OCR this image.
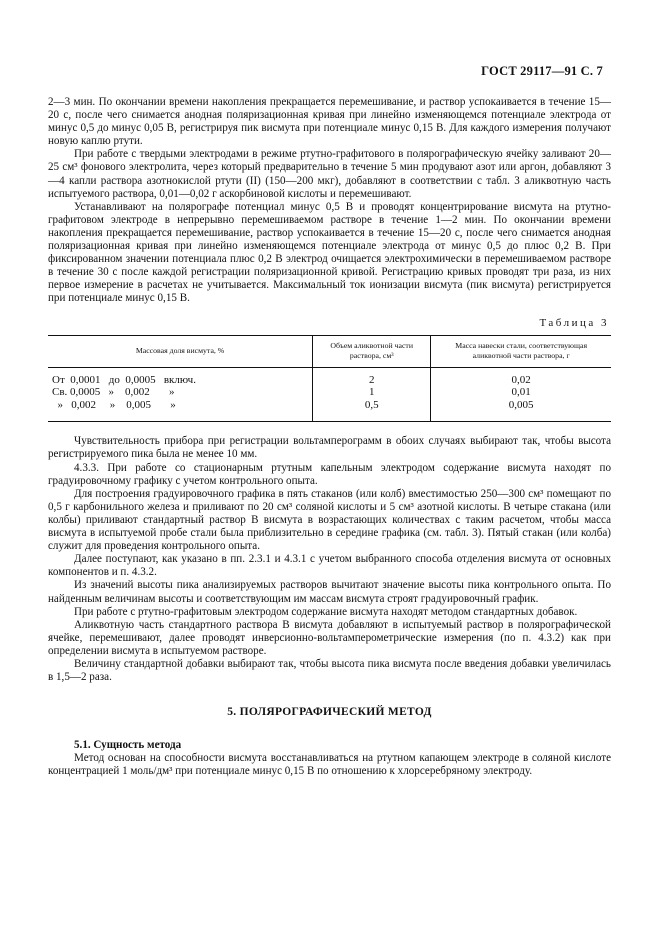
ГОСТ 29117—91 С. 7

2—3 мин. По окончании времени накопления прекращается перемешивание, и раствор успокаивается в течение 15—20 с, после чего снимается анодная поляризационная кривая при линейно изменяющемся потенциале электрода от минус 0,5 до минус 0,05 В, регистрируя пик висмута при потенциале минус 0,15 В. Для каждого измерения получают новую каплю ртути.

При работе с твердыми электродами в режиме ртутно-графитового в полярографическую ячейку заливают 20—25 см³ фонового электролита, через который предварительно в течение 5 мин продувают азот или аргон, добавляют 3—4 капли раствора азотнокислой ртути (II) (150—200 мкг), добавляют в соответствии с табл. 3 аликвотную часть испытуемого раствора, 0,01—0,02 г аскорбиновой кислоты и перемешивают.

Устанавливают на полярографе потенциал минус 0,5 В и проводят концентрирование висмута на ртутно-графитовом электроде в непрерывно перемешиваемом растворе в течение 1—2 мин. По окончании времени накопления прекращается перемешивание, раствор успокаивается в течение 15—20 с, после чего снимается анодная поляризационная кривая при линейно изменяющемся потенциале электрода от минус 0,5 до плюс 0,2 В. При фиксированном значении потенциала плюс 0,2 В электрод очищается электрохимически в перемешиваемом растворе в течение 30 с после каждой регистрации поляризационной кривой. Регистрацию кривых проводят три раза, из них первое измерение в расчетах не учитывается. Максимальный ток ионизации висмута (пик висмута) регистрируется при потенциале минус 0,15 В.

Таблица 3
Массовая доля висмута, %	Объем аликвотной части раствора, см³	Масса навески стали, соответствующая аликвотной части раствора, г
От  0,0001   до  0,0005   включ.	2	0,02
Св. 0,0005   »    0,002       »	1	0,01
»   0,002     »    0,005       »	0,5	0,005

Чувствительность прибора при регистрации вольтамперограмм в обоих случаях выбирают так, чтобы высота регистрируемого пика была не менее 10 мм.

4.3.3. При работе со стационарным ртутным капельным электродом содержание висмута находят по градуировочному графику с учетом контрольного опыта.

Для построения градуировочного графика в пять стаканов (или колб) вместимостью 250—300 см³ помещают по 0,5 г карбонильного железа и приливают по 20 см³ соляной кислоты и 5 см³ азотной кислоты. В четыре стакана (или колбы) приливают стандартный раствор В висмута в возрастающих количествах с таким расчетом, чтобы масса висмута в испытуемой пробе стали была приблизительно в середине графика (см. табл. 3). Пятый стакан (или колба) служит для проведения контрольного опыта.

Далее поступают, как указано в пп. 2.3.1 и 4.3.1 с учетом выбранного способа отделения висмута от основных компонентов и п. 4.3.2.

Из значений высоты пика анализируемых растворов вычитают значение высоты пика контрольного опыта. По найденным величинам высоты и соответствующим им массам висмута строят градуировочный график.

При работе с ртутно-графитовым электродом содержание висмута находят методом стандартных добавок.

Аликвотную часть стандартного раствора В висмута добавляют в испытуемый раствор в полярографической ячейке, перемешивают, далее проводят инверсионно-вольтамперометрические измерения (по п. 4.3.2) как при определении висмута в испытуемом растворе.

Величину стандартной добавки выбирают так, чтобы высота пика висмута после введения добавки увеличилась в 1,5—2 раза.

5. ПОЛЯРОГРАФИЧЕСКИЙ МЕТОД

5.1. Сущность метода

Метод основан на способности висмута восстанавливаться на ртутном капающем электроде в соляной кислоте концентрацией 1 моль/дм³ при потенциале минус 0,15 В по отношению к хлорсеребряному электроду.
